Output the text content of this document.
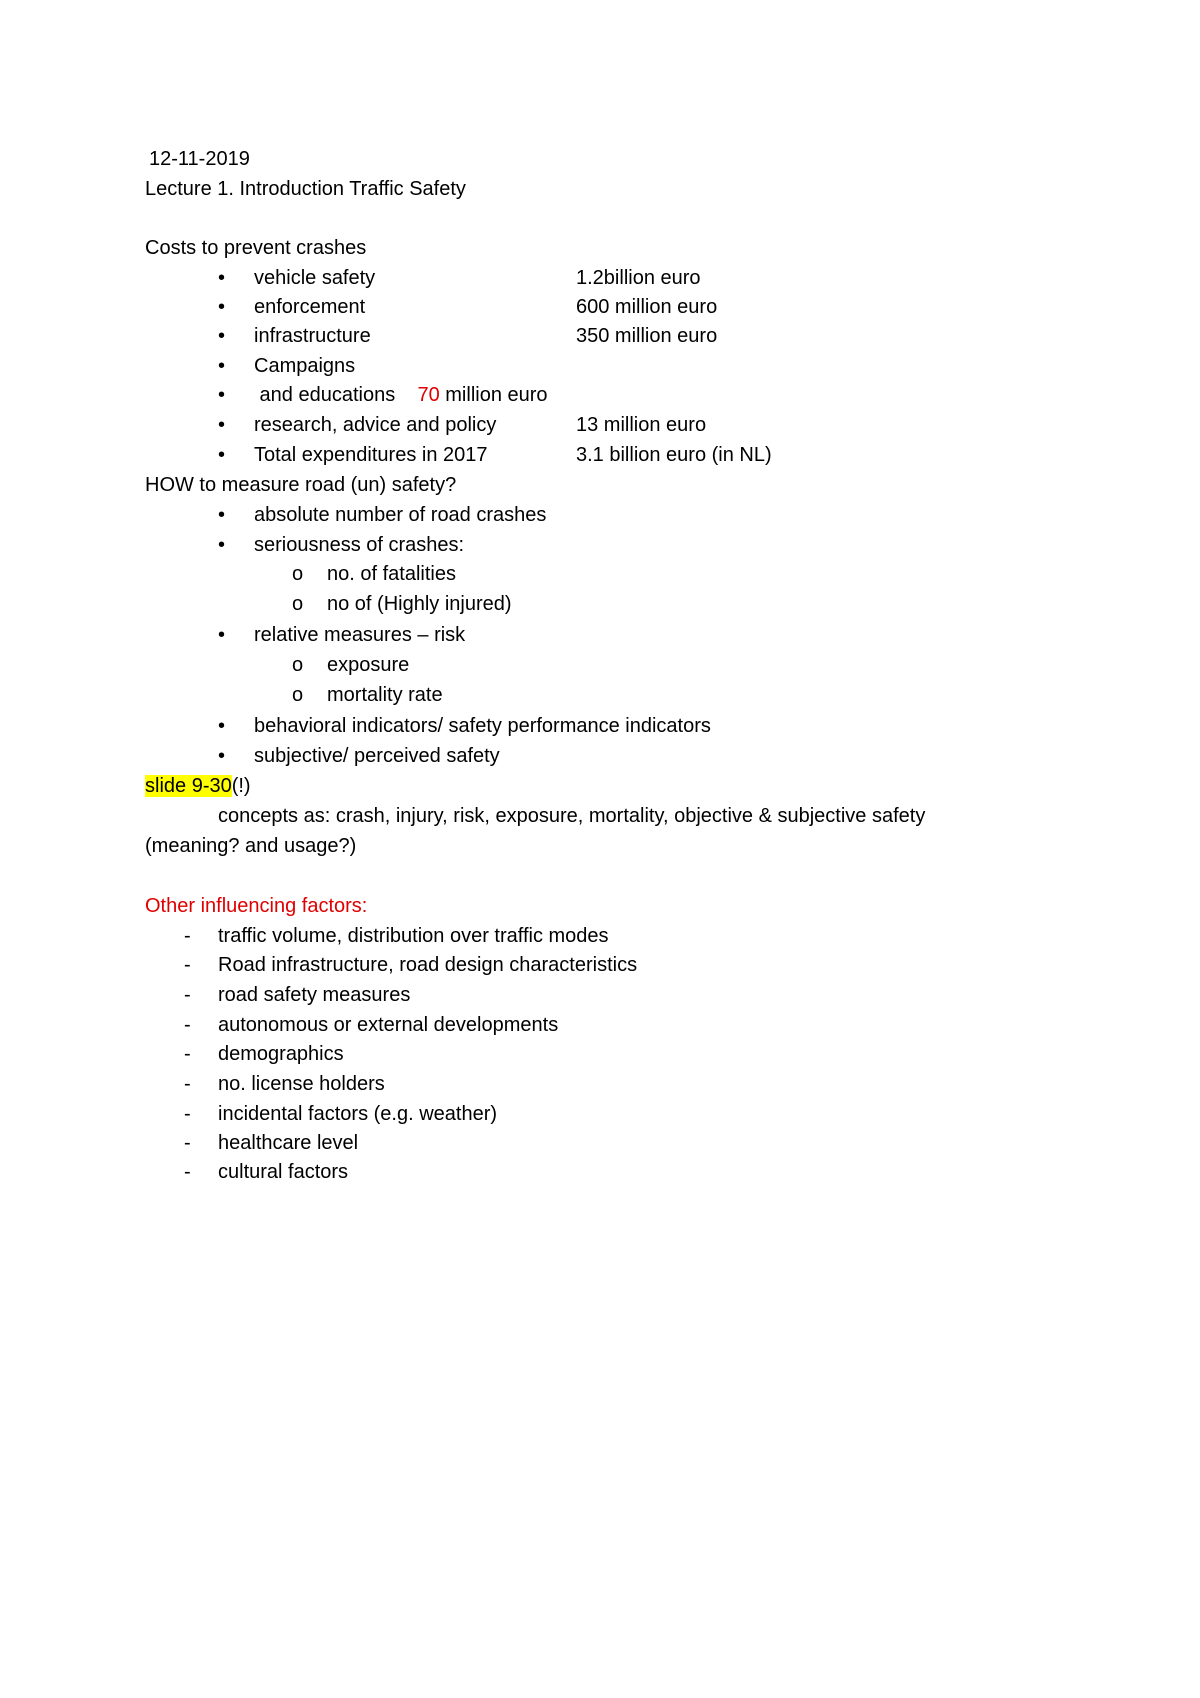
12-11-2019
Lecture 1. Introduction Traffic Safety
Costs to prevent crashes
• vehicle safety	1.2billion euro
• enforcement	600 million euro
• infrastructure	350 million euro
• Campaigns
• and educations 70 million euro
• research, advice and policy	13 million euro
• Total expenditures in 2017	3.1 billion euro (in NL)
HOW to measure road (un) safety?
• absolute number of road crashes
• seriousness of crashes:
o no. of fatalities
o no of (Highly injured)
• relative measures – risk
o exposure
o mortality rate
• behavioral indicators/ safety performance indicators
• subjective/ perceived safety
slide 9-30(!)
concepts as: crash, injury, risk, exposure, mortality, objective & subjective safety
(meaning? and usage?)
Other influencing factors:
- traffic volume, distribution over traffic modes
- Road infrastructure, road design characteristics
- road safety measures
- autonomous or external developments
- demographics
- no. license holders
- incidental factors (e.g. weather)
- healthcare level
- cultural factors
